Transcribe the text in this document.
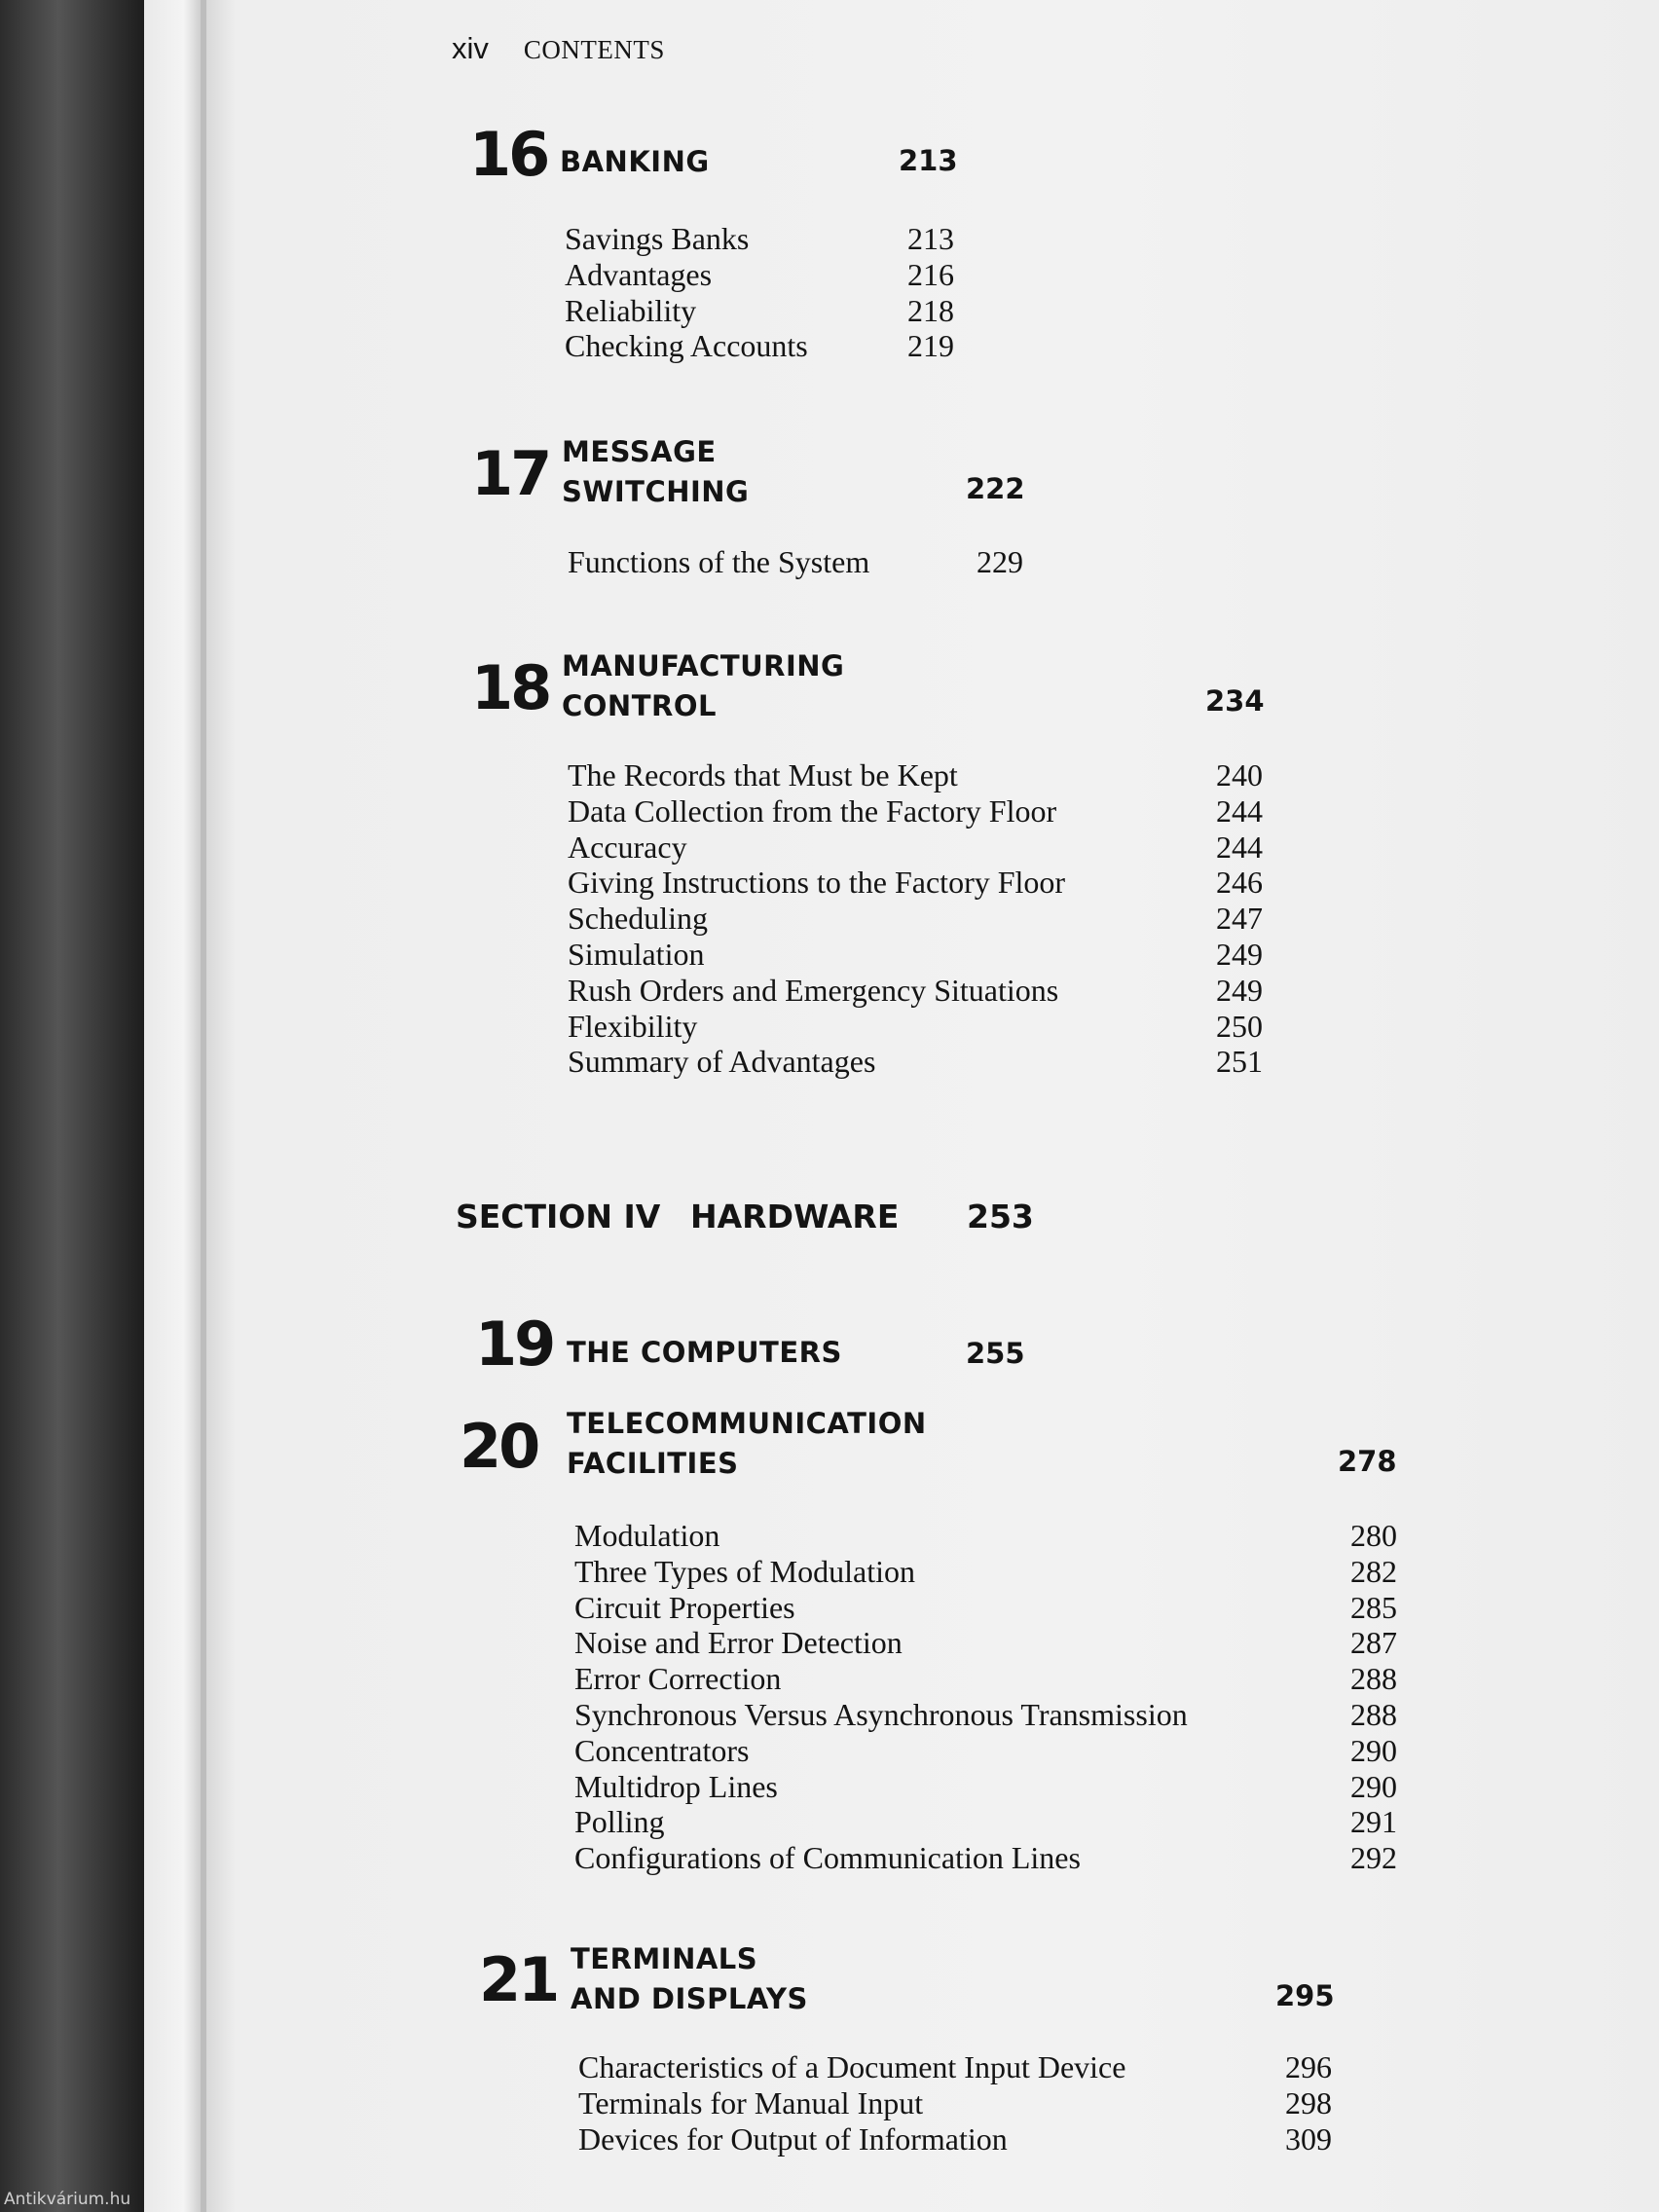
xiv CONTENTS
16 BANKING	213
Savings Banks	213
Advantages	216
Reliability	218
Checking Accounts	219
17 MESSAGE
SWITCHING	222
Functions of the System	229
18 MANUFACTURING
CONTROL	234
The Records that Must be Kept	240
Data Collection from the Factory Floor	244
Accuracy	244
Giving Instructions to the Factory Floor	246
Scheduling	247
Simulation	249
Rush Orders and Emergency Situations	249
Flexibility	250
Summary of Advantages	251
SECTION IV HARDWARE 253
19 THE COMPUTERS	255
20 TELECOMMUNICATION
FACILITIES	278
Modulation	280
Three Types of Modulation	282
Circuit Properties	285
Noise and Error Detection	287
Error Correction	288
Synchronous Versus Asynchronous Transmission	288
Concentrators	290
Multidrop Lines	290
Polling	291
Configurations of Communication Lines	292
21 TERMINALS
AND DISPLAYS	295
Characteristics of a Document Input Device	296
Terminals for Manual Input	298
Devices for Output of Information	309
Antikvárium.hu
